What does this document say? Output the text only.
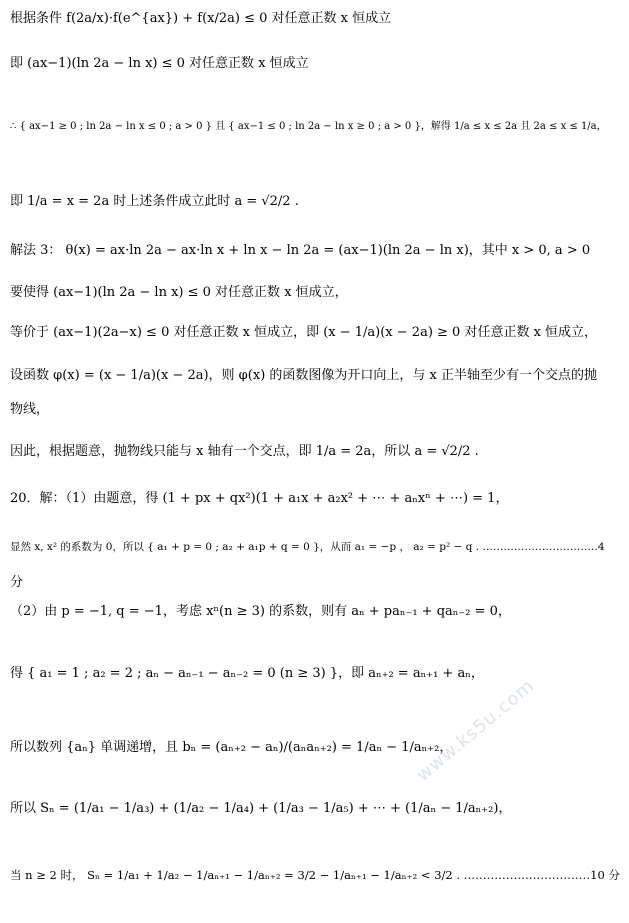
根据条件 f(2a/x)·f(e^{ax}) + f(x/2a) ≤ 0 对任意正数 x 恒成立
即 (ax−1)(ln 2a − ln x) ≤ 0 对任意正数 x 恒成立
∴ { ax−1 ≥ 0 ; ln 2a − ln x ≤ 0 ; a > 0 } 且 { ax−1 ≤ 0 ; ln 2a − ln x ≥ 0 ; a > 0 }，解得 1/a ≤ x ≤ 2a 且 2a ≤ x ≤ 1/a，
即 1/a = x = 2a 时上述条件成立此时 a = √2/2 .
解法 3： θ(x) = ax·ln 2a − ax·ln x + ln x − ln 2a = (ax−1)(ln 2a − ln x)，其中 x > 0, a > 0
要使得 (ax−1)(ln 2a − ln x) ≤ 0 对任意正数 x 恒成立，
等价于 (ax−1)(2a−x) ≤ 0 对任意正数 x 恒成立，即 (x − 1/a)(x − 2a) ≥ 0 对任意正数 x 恒成立，
设函数 φ(x) = (x − 1/a)(x − 2a)，则 φ(x) 的函数图像为开口向上，与 x 正半轴至少有一个交点的抛
物线，
因此，根据题意，抛物线只能与 x 轴有一个交点，即 1/a = 2a，所以 a = √2/2 .
20．解：（1）由题意，得 (1 + px + qx²)(1 + a₁x + a₂x² + ⋯ + aₙxⁿ + ⋯) = 1，
显然 x, x² 的系数为 0，所以 { a₁ + p = 0 ; a₂ + a₁p + q = 0 }，从而 a₁ = −p ， a₂ = p² − q . ……………………………4
分
（2）由 p = −1, q = −1，考虑 xⁿ(n ≥ 3) 的系数，则有 aₙ + paₙ₋₁ + qaₙ₋₂ = 0，
得 { a₁ = 1 ; a₂ = 2 ; aₙ − aₙ₋₁ − aₙ₋₂ = 0 (n ≥ 3) }，即 aₙ₊₂ = aₙ₊₁ + aₙ，
所以数列 {aₙ} 单调递增，且 bₙ = (aₙ₊₂ − aₙ)/(aₙaₙ₊₂) = 1/aₙ − 1/aₙ₊₂，
所以 Sₙ = (1/a₁ − 1/a₃) + (1/a₂ − 1/a₄) + (1/a₃ − 1/a₅) + ⋯ + (1/aₙ − 1/aₙ₊₂)，
当 n ≥ 2 时， Sₙ = 1/a₁ + 1/a₂ − 1/aₙ₊₁ − 1/aₙ₊₂ = 3/2 − 1/aₙ₊₁ − 1/aₙ₊₂ < 3/2 . ……………………………10 分
www.ks5u.com
